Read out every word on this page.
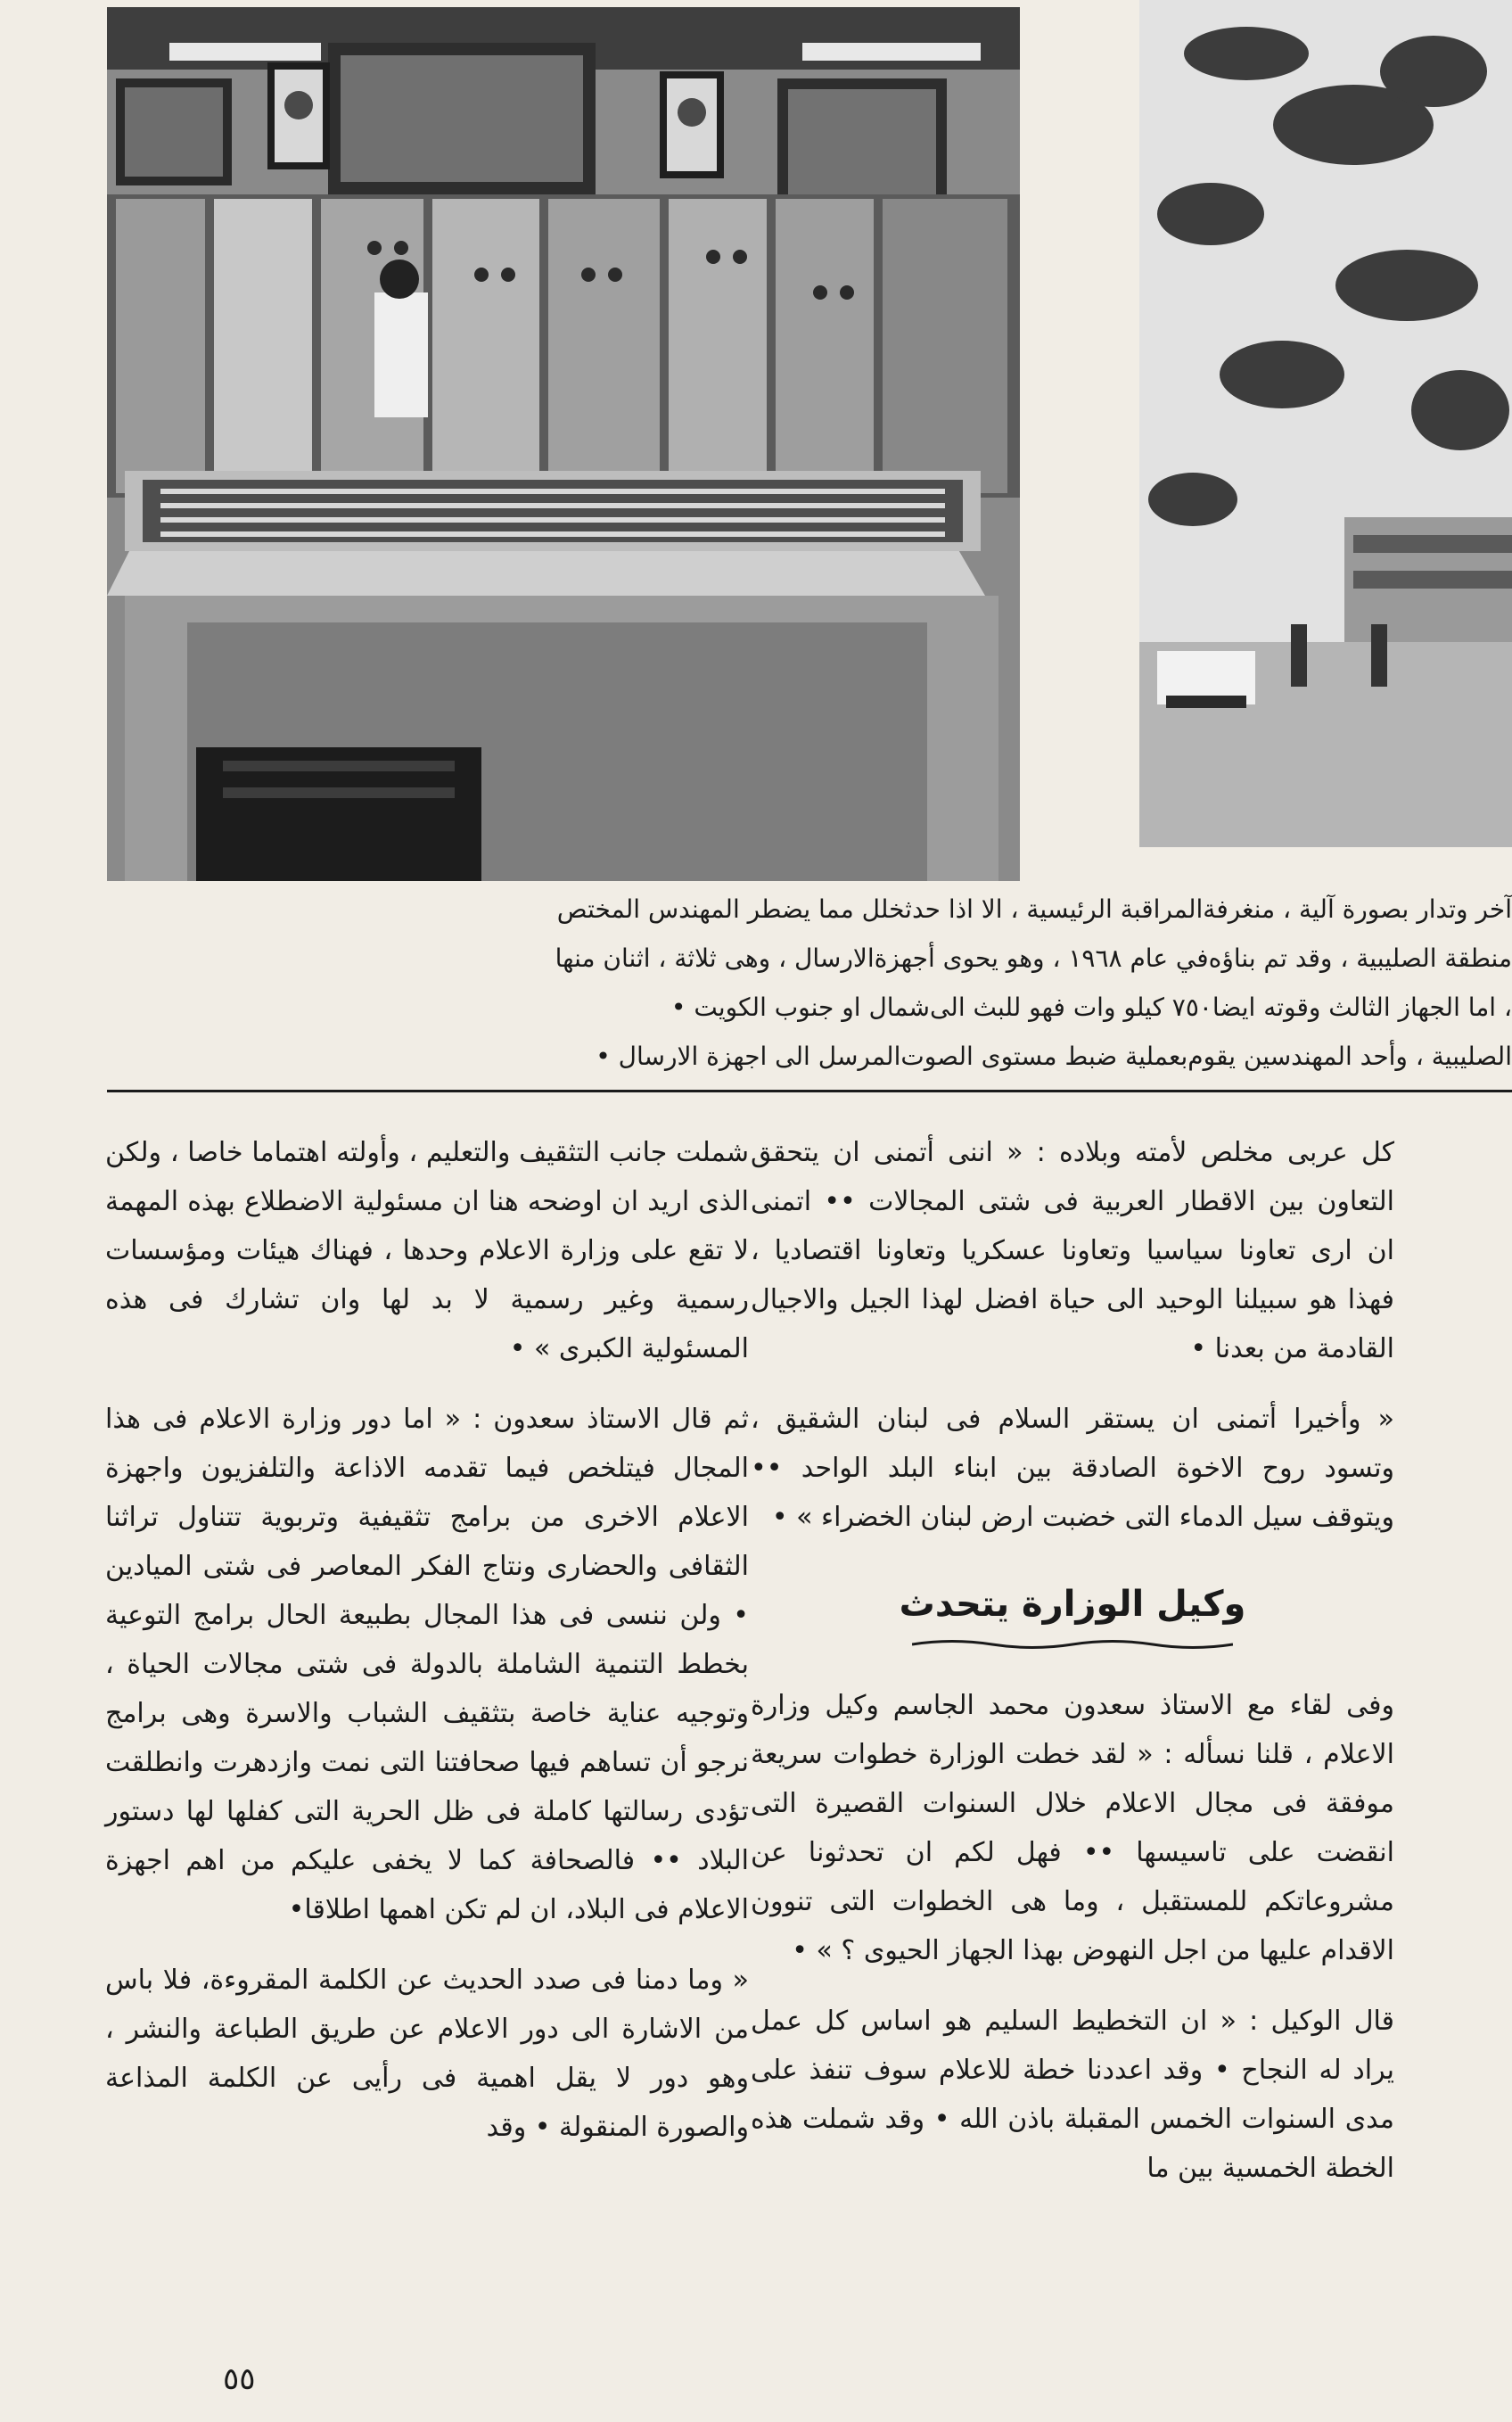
آخر وتدار بصورة آلية ، منغرفةالمراقبة الرئيسية ، الا اذا حدثخلل مما يضطر المهندس المختص
منطقة الصليبية ، وقد تم بناؤه‌في عام ١٩٦٨ ، وهو يحوى أجهزةالارسال ، وهى ثلاثة ، اثنان منها
، اما الجهاز الثالث وقوته ايضا٧٥٠ كيلو وات فهو للبث الى‌شمال او جنوب الكويت •
الصليبية ، وأحد المهندسين يقوم‌بعملية ضبط مستوى الصوت‌المرسل الى اجهزة الارسال •

كل عربى مخلص لأمته وبلاده : « اننى أتمنى ان يتحقق التعاون بين الاقطار العربية فى شتى المجالات •• اتمنى ان ارى تعاونا سياسيا وتعاونا عسكريا وتعاونا اقتصاديا ، فهذا هو سبيلنا الوحيد الى حياة افضل لهذا الجيل والاجيال القادمة من بعدنا •

« وأخيرا أتمنى ان يستقر السلام فى لبنان الشقيق ، وتسود روح الاخوة الصادقة بين ابناء البلد الواحد •• ويتوقف سيل الدماء التى خضبت ارض لبنان الخضراء » •

وكيل الوزارة يتحدث

وفى لقاء مع الاستاذ سعدون محمد الجاسم وكيل وزارة الاعلام ، قلنا نسأله : « لقد خطت الوزارة خطوات سريعة موفقة فى مجال الاعلام خلال السنوات القصيرة التى انقضت على تاسيسها •• فهل لكم ان تحدثونا عن مشروعاتكم للمستقبل ، وما هى الخطوات التى تنوون الاقدام عليها من اجل النهوض بهذا الجهاز الحيوى ؟ » •

قال الوكيل : « ان التخطيط السليم هو اساس كل عمل يراد له النجاح • وقد اعددنا خطة للاعلام سوف تنفذ على مدى السنوات الخمس المقبلة باذن الله • وقد شملت هذه الخطة الخمسية بين ما

شملت جانب التثقيف والتعليم ، وأولته اهتماما خاصا ، ولكن الذى اريد ان اوضحه هنا ان مسئولية الاضطلاع بهذه المهمة لا تقع على وزارة الاعلام وحدها ، فهناك هيئات ومؤسسات رسمية وغير رسمية لا بد لها وان تشارك فى هذه المسئولية الكبرى » •

ثم قال الاستاذ سعدون : « اما دور وزارة الاعلام فى هذا المجال فيتلخص فيما تقدمه الاذاعة والتلفزيون واجهزة الاعلام الاخرى من برامج تثقيفية وتربوية تتناول تراثنا الثقافى والحضارى ونتاج الفكر المعاصر فى شتى الميادين • ولن ننسى فى هذا المجال بطبيعة الحال برامج التوعية بخطط التنمية الشاملة بالدولة فى شتى مجالات الحياة ، وتوجيه عناية خاصة بتثقيف الشباب والاسرة وهى برامج نرجو أن تساهم فيها صحافتنا التى نمت وازدهرت وانطلقت تؤدى رسالتها كاملة فى ظل الحرية التى كفلها لها دستور البلاد •• فالصحافة كما لا يخفى عليكم من اهم اجهزة الاعلام فى البلاد، ان لم تكن اهمها اطلاقا•

« وما دمنا فى صدد الحديث عن الكلمة المقروءة، فلا باس من الاشارة الى دور الاعلام عن طريق الطباعة والنشر ، وهو دور لا يقل اهمية فى رأيى عن الكلمة المذاعة والصورة المنقولة • وقد

٥٥
